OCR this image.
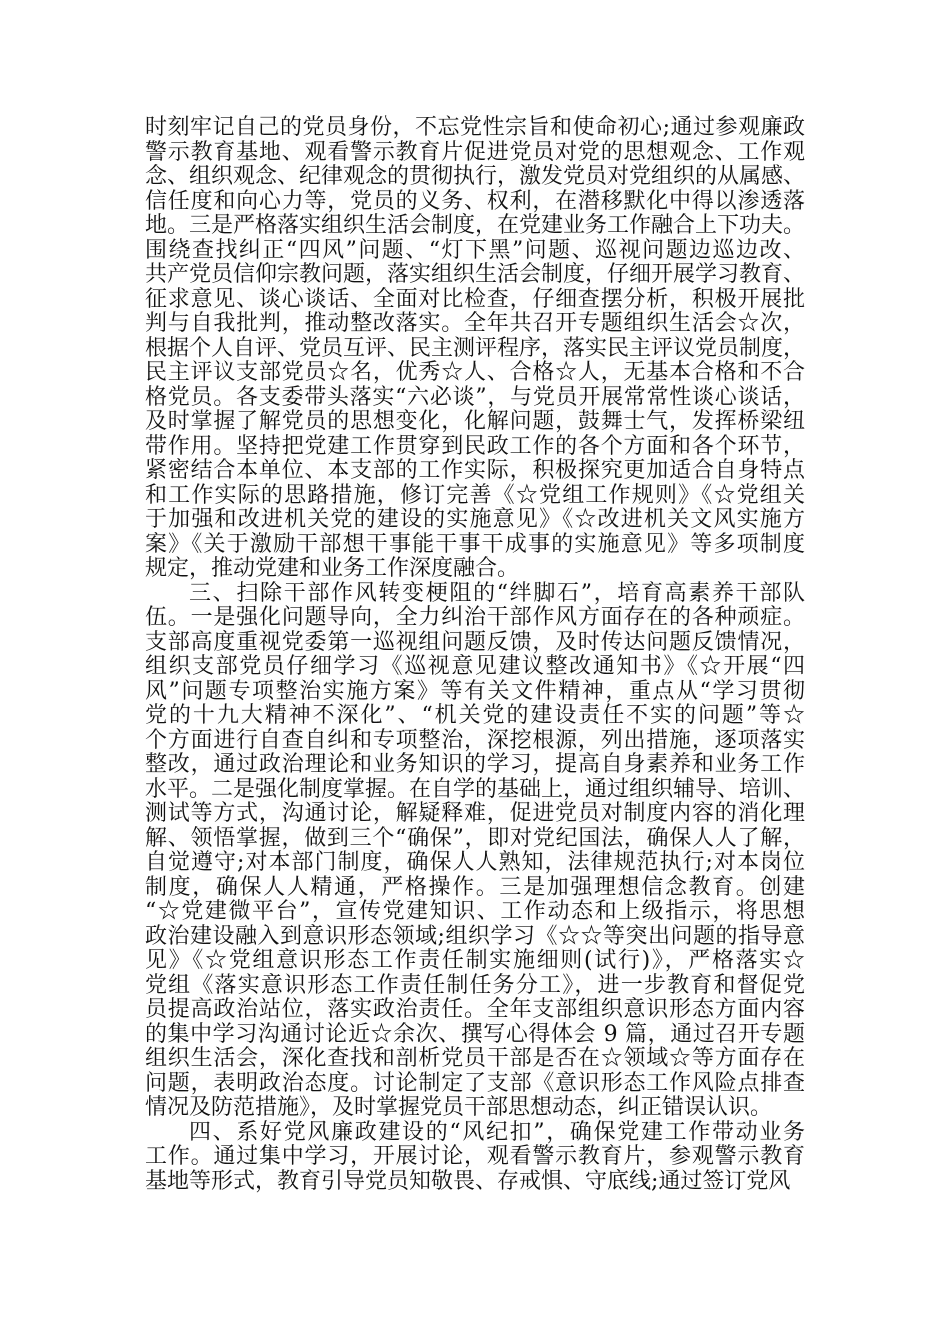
时刻牢记自己的党员身份，不忘党性宗旨和使命初心;通过参观廉政
警示教育基地、观看警示教育片促进党员对党的思想观念、工作观
念、组织观念、纪律观念的贯彻执行，激发党员对党组织的从属感、
信任度和向心力等，党员的义务、权利，在潜移默化中得以渗透落
地。三是严格落实组织生活会制度，在党建业务工作融合上下功夫。
围绕查找纠正“四风”问题、“灯下黑”问题、巡视问题边巡边改、
共产党员信仰宗教问题，落实组织生活会制度，仔细开展学习教育、
征求意见、谈心谈话、全面对比检查，仔细查摆分析，积极开展批
判与自我批判，推动整改落实。全年共召开专题组织生活会☆次，
根据个人自评、党员互评、民主测评程序，落实民主评议党员制度，
民主评议支部党员☆名，优秀☆人、合格☆人，无基本合格和不合
格党员。各支委带头落实“六必谈”，与党员开展常常性谈心谈话，
及时掌握了解党员的思想变化，化解问题，鼓舞士气，发挥桥梁纽
带作用。坚持把党建工作贯穿到民政工作的各个方面和各个环节，
紧密结合本单位、本支部的工作实际，积极探究更加适合自身特点
和工作实际的思路措施，修订完善《☆党组工作规则》《☆党组关
于加强和改进机关党的建设的实施意见》《☆改进机关文风实施方
案》《关于激励干部想干事能干事干成事的实施意见》等多项制度
规定，推动党建和业务工作深度融合。
三、扫除干部作风转变梗阻的“绊脚石”，培育高素养干部队
伍。一是强化问题导向，全力纠治干部作风方面存在的各种顽症。
支部高度重视党委第一巡视组问题反馈，及时传达问题反馈情况，
组织支部党员仔细学习《巡视意见建议整改通知书》《☆开展“四
风”问题专项整治实施方案》等有关文件精神，重点从“学习贯彻
党的十九大精神不深化”、“机关党的建设责任不实的问题”等☆
个方面进行自查自纠和专项整治，深挖根源，列出措施，逐项落实
整改，通过政治理论和业务知识的学习，提高自身素养和业务工作
水平。二是强化制度掌握。在自学的基础上，通过组织辅导、培训、
测试等方式，沟通讨论，解疑释难，促进党员对制度内容的消化理
解、领悟掌握，做到三个“确保”，即对党纪国法，确保人人了解，
自觉遵守;对本部门制度，确保人人熟知，法律规范执行;对本岗位
制度，确保人人精通，严格操作。三是加强理想信念教育。创建
“☆党建微平台”，宣传党建知识、工作动态和上级指示，将思想
政治建设融入到意识形态领域;组织学习《☆☆等突出问题的指导意
见》《☆党组意识形态工作责任制实施细则(试行)》，严格落实☆
党组《落实意识形态工作责任制任务分工》，进一步教育和督促党
员提高政治站位，落实政治责任。全年支部组织意识形态方面内容
的集中学习沟通讨论近☆余次、撰写心得体会 9 篇，通过召开专题
组织生活会，深化查找和剖析党员干部是否在☆领域☆等方面存在
问题，表明政治态度。讨论制定了支部《意识形态工作风险点排查
情况及防范措施》，及时掌握党员干部思想动态，纠正错误认识。
四、系好党风廉政建设的“风纪扣”，确保党建工作带动业务
工作。通过集中学习，开展讨论，观看警示教育片，参观警示教育
基地等形式，教育引导党员知敬畏、存戒惧、守底线;通过签订党风
